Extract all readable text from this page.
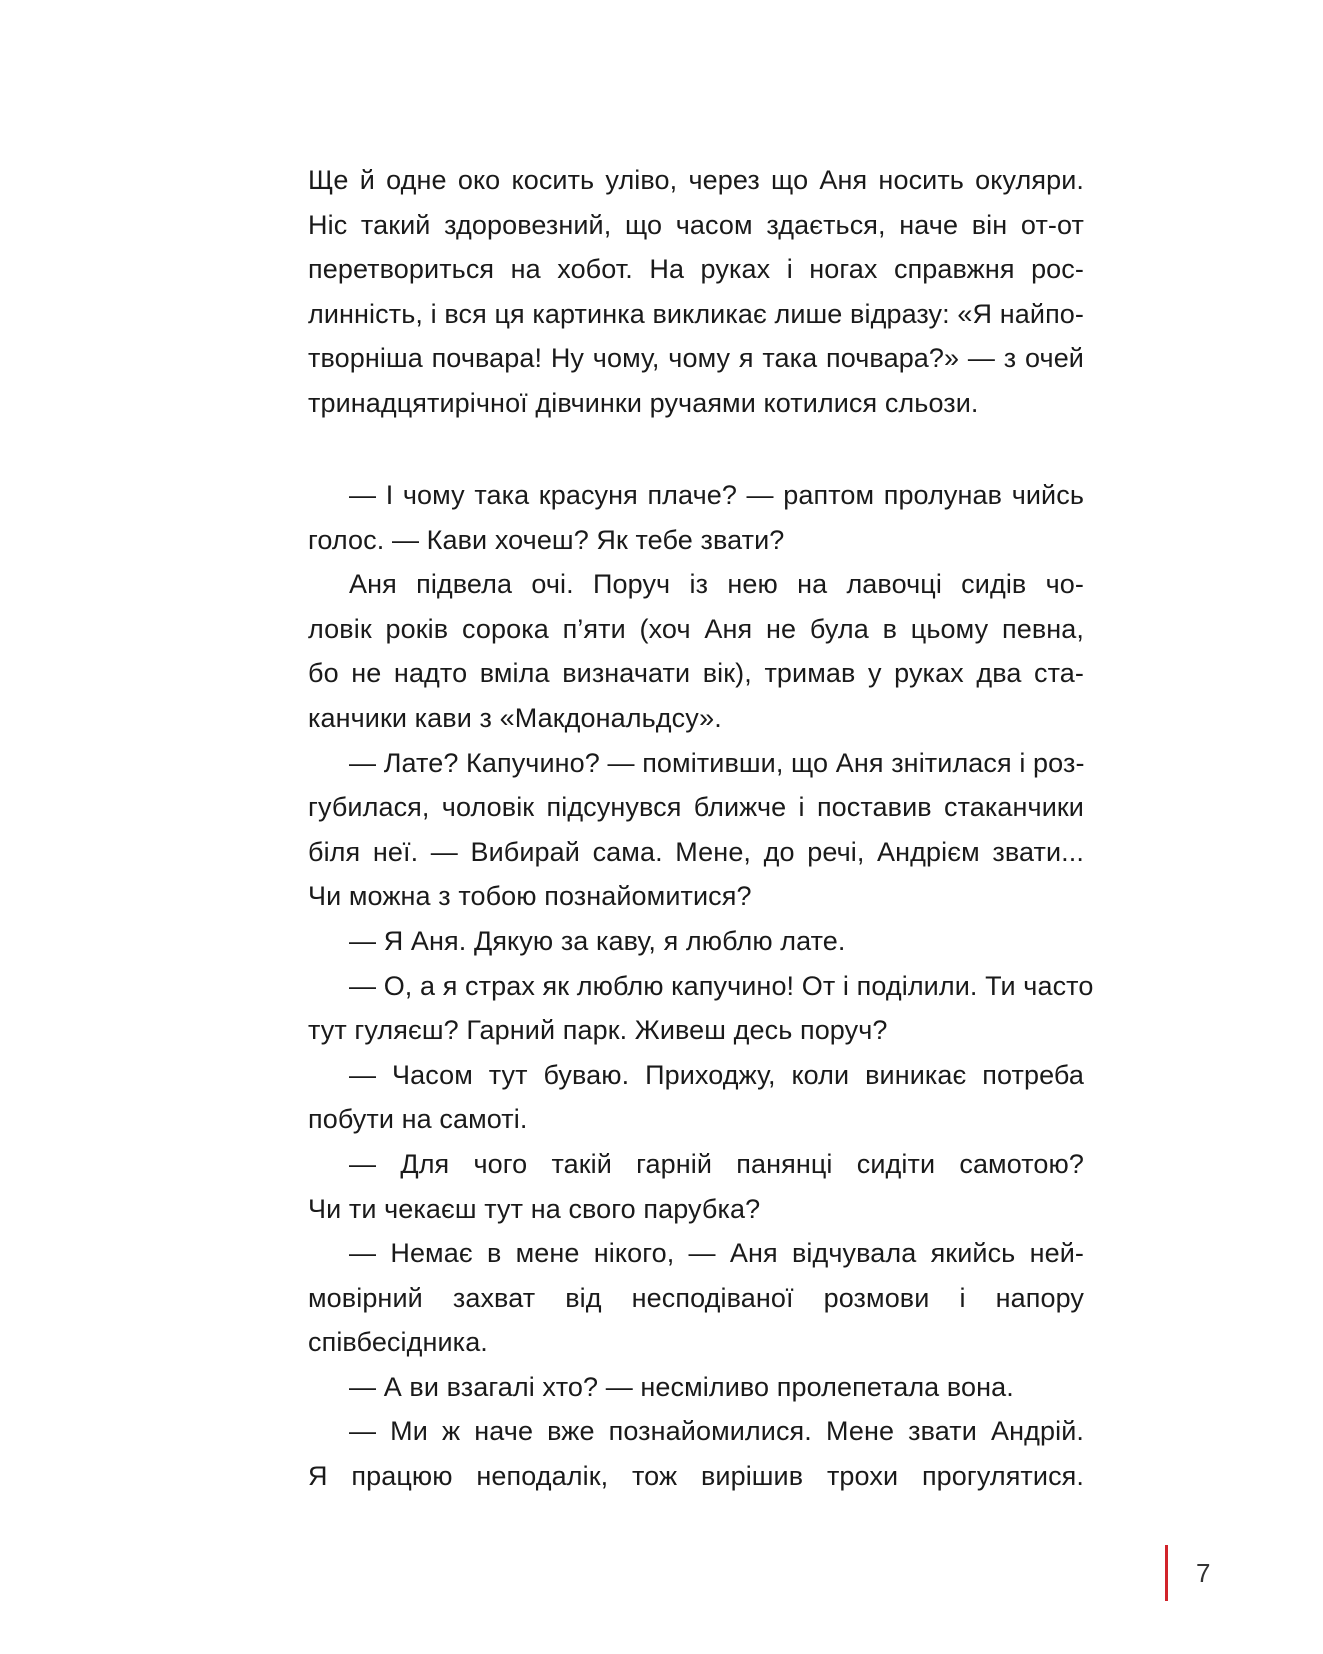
Ще й одне око косить уліво, через що Аня носить окуляри.
Ніс такий здоровезний, що часом здається, наче він от-от
перетвориться на хобот. На руках і ногах справжня рос-
линність, і вся ця картинка викликає лише відразу: «Я найпо-
творніша почвара! Ну чому, чому я така почвара?» — з очей
тринадцятирічної дівчинки ручаями котилися сльози.
— І чому така красуня плаче? — раптом пролунав чийсь
голос. — Кави хочеш? Як тебе звати?
Аня підвела очі. Поруч із нею на лавочці сидів чо-
ловік років сорока п’яти (хоч Аня не була в цьому певна,
бо не надто вміла визначати вік), тримав у руках два ста-
канчики кави з «Макдональдсу».
— Лате? Капучино? — помітивши, що Аня знітилася і роз-
губилася, чоловік підсунувся ближче і поставив стаканчики
біля неї. — Вибирай сама. Мене, до речі, Андрієм звати...
Чи можна з тобою познайомитися?
— Я Аня. Дякую за каву, я люблю лате.
— О, а я страх як люблю капучино! От і поділили. Ти часто
тут гуляєш? Гарний парк. Живеш десь поруч?
— Часом тут буваю. Приходжу, коли виникає потреба
побути на самоті.
— Для чого такій гарній панянці сидіти самотою?
Чи ти чекаєш тут на свого парубка?
— Немає в мене нікого, — Аня відчувала якийсь ней-
мовірний захват від несподіваної розмови і напору
співбесідника.
— А ви взагалі хто? — несміливо пролепетала вона.
— Ми ж наче вже познайомилися. Мене звати Андрій.
Я працюю неподалік, тож вирішив трохи прогулятися.
7
